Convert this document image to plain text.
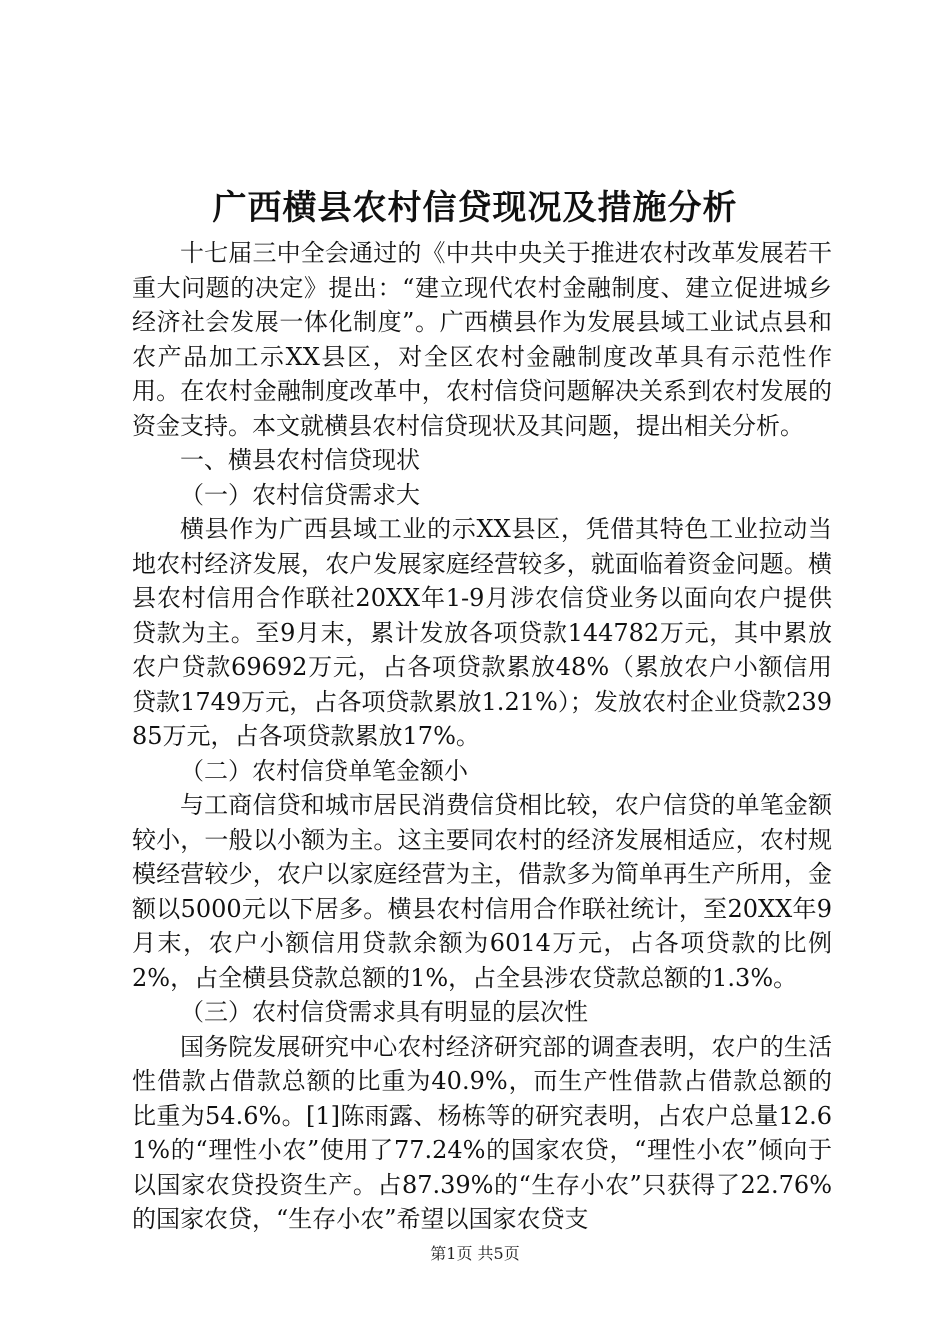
广西横县农村信贷现况及措施分析

十七届三中全会通过的《中共中央关于推进农村改革发展若干重大问题的决定》提出：“建立现代农村金融制度、建立促进城乡经济社会发展一体化制度”。广西横县作为发展县域工业试点县和农产品加工示XX县区，对全区农村金融制度改革具有示范性作用。在农村金融制度改革中，农村信贷问题解决关系到农村发展的资金支持。本文就横县农村信贷现状及其问题，提出相关分析。

一、横县农村信贷现状

（一）农村信贷需求大

横县作为广西县域工业的示XX县区，凭借其特色工业拉动当地农村经济发展，农户发展家庭经营较多，就面临着资金问题。横县农村信用合作联社20XX年1-9月涉农信贷业务以面向农户提供贷款为主。至9月末，累计发放各项贷款144782万元，其中累放农户贷款69692万元，占各项贷款累放48%（累放农户小额信用贷款1749万元，占各项贷款累放1.21%）；发放农村企业贷款23985万元，占各项贷款累放17%。

（二）农村信贷单笔金额小

与工商信贷和城市居民消费信贷相比较，农户信贷的单笔金额较小，一般以小额为主。这主要同农村的经济发展相适应，农村规模经营较少，农户以家庭经营为主，借款多为简单再生产所用，金额以5000元以下居多。横县农村信用合作联社统计，至20XX年9月末，农户小额信用贷款余额为6014万元，占各项贷款的比例2%，占全横县贷款总额的1%，占全县涉农贷款总额的1.3%。

（三）农村信贷需求具有明显的层次性

国务院发展研究中心农村经济研究部的调查表明，农户的生活性借款占借款总额的比重为40.9%，而生产性借款占借款总额的比重为54.6%。[1]陈雨露、杨栋等的研究表明，占农户总量12.61%的“理性小农”使用了77.24%的国家农贷，“理性小农”倾向于以国家农贷投资生产。占87.39%的“生存小农”只获得了22.76%的国家农贷，“生存小农”希望以国家农贷支

第1页 共5页
